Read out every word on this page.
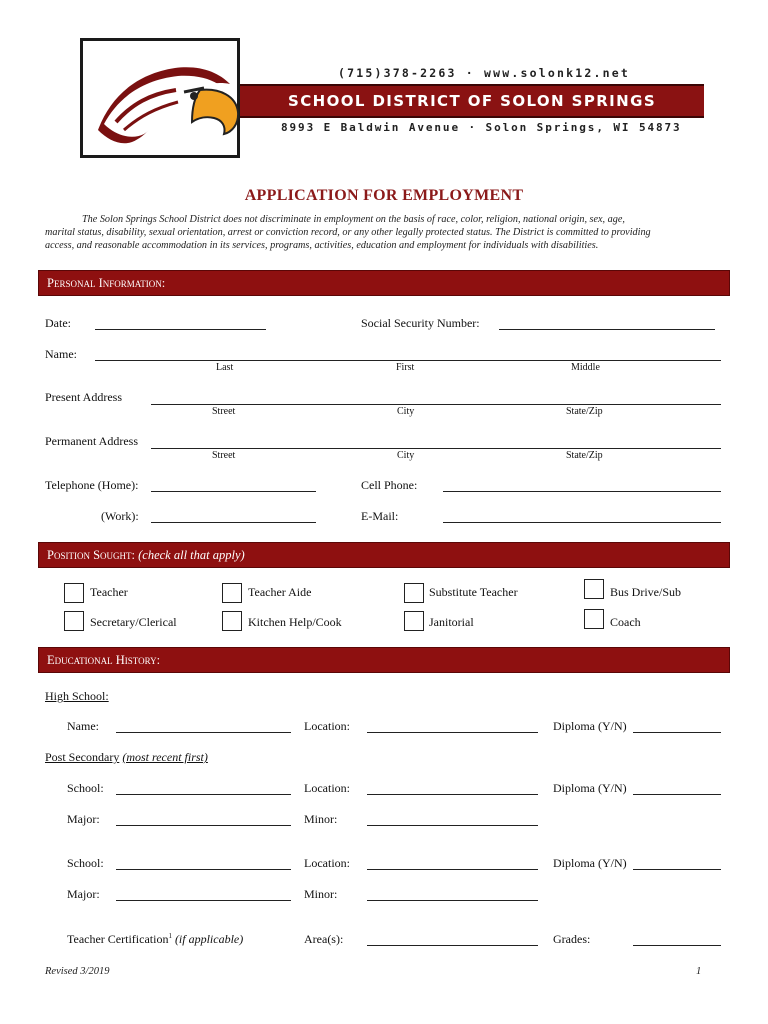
(715)378-2263 · www.solonk12.net
SCHOOL DISTRICT OF SOLON SPRINGS
8993 E Baldwin Avenue · Solon Springs, WI 54873
APPLICATION FOR EMPLOYMENT
The Solon Springs School District does not discriminate in employment on the basis of race, color, religion, national origin, sex, age,
marital status, disability, sexual orientation, arrest or conviction record, or any other legally protected status. The District is committed to providing
access, and reasonable accommodation in its services, programs, activities, education and employment for individuals with disabilities.
Personal Information:
Date:	Social Security Number:
Name:
Last	First	Middle
Present Address
Street	City	State/Zip
Permanent Address
Street	City	State/Zip
Telephone (Home):	Cell Phone:
(Work):	E-Mail:
Position Sought: (check all that apply)
Teacher	Teacher Aide	Substitute Teacher	Bus Drive/Sub
Secretary/Clerical	Kitchen Help/Cook	Janitorial	Coach
Educational History:
High School:
Name:	Location:	Diploma (Y/N)
Post Secondary (most recent first)
School:	Location:	Diploma (Y/N)
Major:	Minor:
School:	Location:	Diploma (Y/N)
Major:	Minor:
Teacher Certification$^1$ (if applicable)	Area(s):	Grades:
Revised 3/2019	1
